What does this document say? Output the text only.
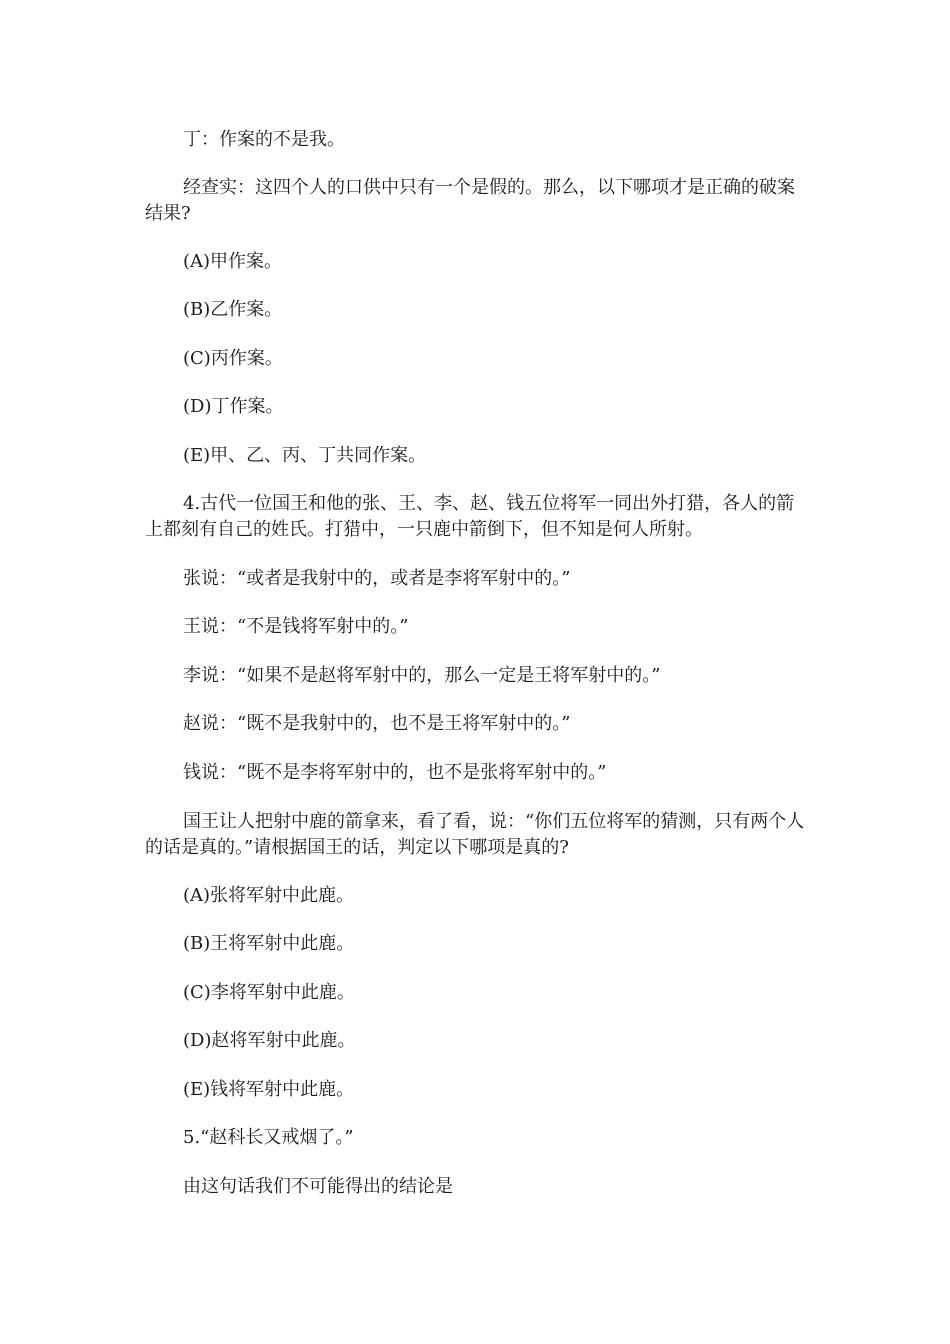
丁：作案的不是我。

经查实：这四个人的口供中只有一个是假的。那么，以下哪项才是正确的破案结果?

(A)甲作案。

(B)乙作案。

(C)丙作案。

(D)丁作案。

(E)甲、乙、丙、丁共同作案。

4.古代一位国王和他的张、王、李、赵、钱五位将军一同出外打猎，各人的箭上都刻有自己的姓氏。打猎中，一只鹿中箭倒下，但不知是何人所射。

张说：“或者是我射中的，或者是李将军射中的。”

王说：“不是钱将军射中的。”

李说：“如果不是赵将军射中的，那么一定是王将军射中的。”

赵说：“既不是我射中的，也不是王将军射中的。”

钱说：“既不是李将军射中的，也不是张将军射中的。”

国王让人把射中鹿的箭拿来，看了看，说：“你们五位将军的猜测，只有两个人的话是真的。”请根据国王的话，判定以下哪项是真的?

(A)张将军射中此鹿。

(B)王将军射中此鹿。

(C)李将军射中此鹿。

(D)赵将军射中此鹿。

(E)钱将军射中此鹿。

5.“赵科长又戒烟了。”

由这句话我们不可能得出的结论是
